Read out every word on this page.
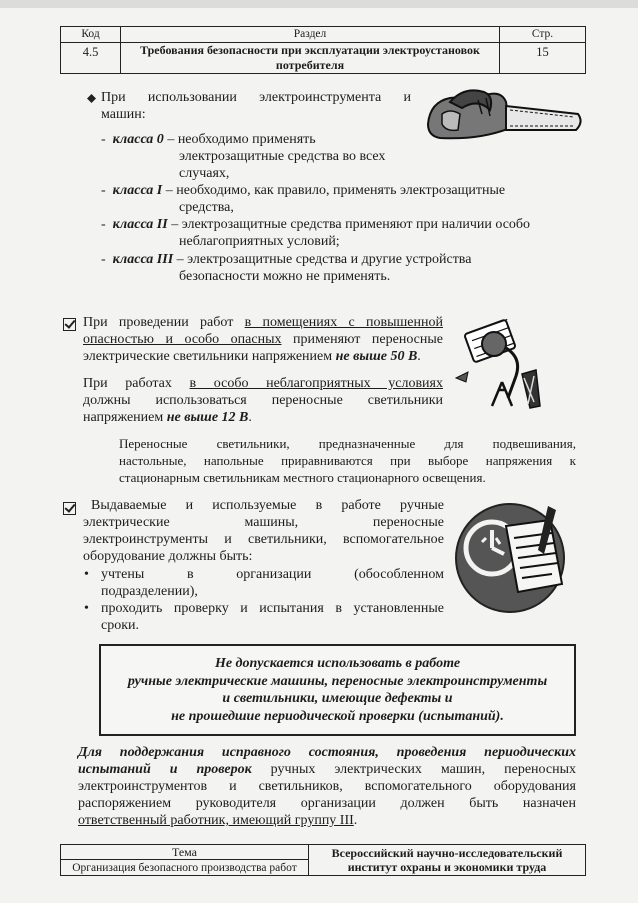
Код	Раздел	Стр.
4.5	Требования безопасности при эксплуатации электроустановок потребителя	15
При использовании электроинструмента и
машин:
-  класса 0 – необходимо применять
электрозащитные средства во всех
случаях,
-  класса I – необходимо, как правило, применять электрозащитные
средства,
-  класса II – электрозащитные средства применяют при наличии особо
неблагоприятных условий;
-  класса III – электрозащитные средства и другие устройства
безопасности можно не применять.
При проведении работ в помещениях с повышенной
опасностью и особо опасных применяют переносные
электрические светильники напряжением не выше 50 В.
При работах в особо неблагоприятных условиях
должны использоваться переносные светильники
напряжением не выше 12 В.
Переносные светильники, предназначенные для подвешивания,
настольные, напольные приравниваются при выборе напряжения к
стационарным светильникам местного стационарного освещения.
Выдаваемые и используемые в работе ручные
электрические машины, переносные
электроинструменты и светильники, вспомогательное
оборудование должны быть:
• учтены в организации (обособленном
подразделении),
• проходить проверку и испытания в установленные
сроки.
Не допускается использовать в работе
ручные электрические машины, переносные электроинструменты
и светильники, имеющие дефекты и
не прошедшие периодической проверки (испытаний).
Для поддержания исправного состояния, проведения периодических
испытаний и проверок ручных электрических машин, переносных
электроинструментов и светильников, вспомогательного оборудования
распоряжением руководителя организации должен быть назначен
ответственный работник, имеющий группу III.
Тема	Всероссийский научно-исследовательский
институт охраны и экономики труда

Организация безопасного производства работ
